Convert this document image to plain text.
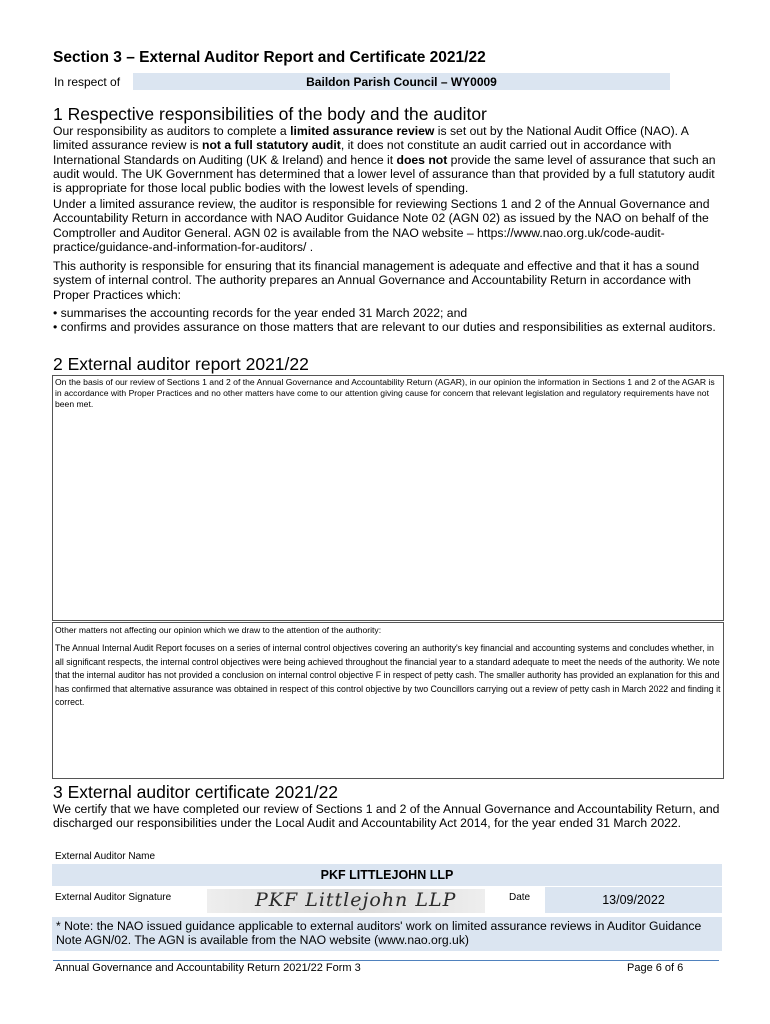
Section 3 – External Auditor Report and Certificate 2021/22
In respect of	Baildon Parish Council – WY0009
1 Respective responsibilities of the body and the auditor
Our responsibility as auditors to complete a limited assurance review is set out by the National Audit Office (NAO). A limited assurance review is not a full statutory audit, it does not constitute an audit carried out in accordance with International Standards on Auditing (UK & Ireland) and hence it does not provide the same level of assurance that such an audit would. The UK Government has determined that a lower level of assurance than that provided by a full statutory audit is appropriate for those local public bodies with the lowest levels of spending.
Under a limited assurance review, the auditor is responsible for reviewing Sections 1 and 2 of the Annual Governance and Accountability Return in accordance with NAO Auditor Guidance Note 02 (AGN 02) as issued by the NAO on behalf of the Comptroller and Auditor General. AGN 02 is available from the NAO website – https://www.nao.org.uk/code-audit-practice/guidance-and-information-for-auditors/ .
This authority is responsible for ensuring that its financial management is adequate and effective and that it has a sound system of internal control. The authority prepares an Annual Governance and Accountability Return in accordance with Proper Practices which:
• summarises the accounting records for the year ended 31 March 2022; and
• confirms and provides assurance on those matters that are relevant to our duties and responsibilities as external auditors.
2 External auditor report 2021/22
On the basis of our review of Sections 1 and 2 of the Annual Governance and Accountability Return (AGAR), in our opinion the information in Sections 1 and 2 of the AGAR is in accordance with Proper Practices and no other matters have come to our attention giving cause for concern that relevant legislation and regulatory requirements have not been met.
Other matters not affecting our opinion which we draw to the attention of the authority:
The Annual Internal Audit Report focuses on a series of internal control objectives covering an authority's key financial and accounting systems and concludes whether, in all significant respects, the internal control objectives were being achieved throughout the financial year to a standard adequate to meet the needs of the authority. We note that the internal auditor has not provided a conclusion on internal control objective F in respect of petty cash. The smaller authority has provided an explanation for this and has confirmed that alternative assurance was obtained in respect of this control objective by two Councillors carrying out a review of petty cash in March 2022 and finding it correct.
3 External auditor certificate 2021/22
We certify that we have completed our review of Sections 1 and 2 of the Annual Governance and Accountability Return, and discharged our responsibilities under the Local Audit and Accountability Act 2014, for the year ended 31 March 2022.
External Auditor Name
PKF LITTLEJOHN LLP
External Auditor Signature	PKF Littlejohn LLP	Date	13/09/2022
* Note: the NAO issued guidance applicable to external auditors' work on limited assurance reviews in Auditor Guidance Note AGN/02. The AGN is available from the NAO website (www.nao.org.uk)
Annual Governance and Accountability Return 2021/22 Form 3	Page 6 of 6
